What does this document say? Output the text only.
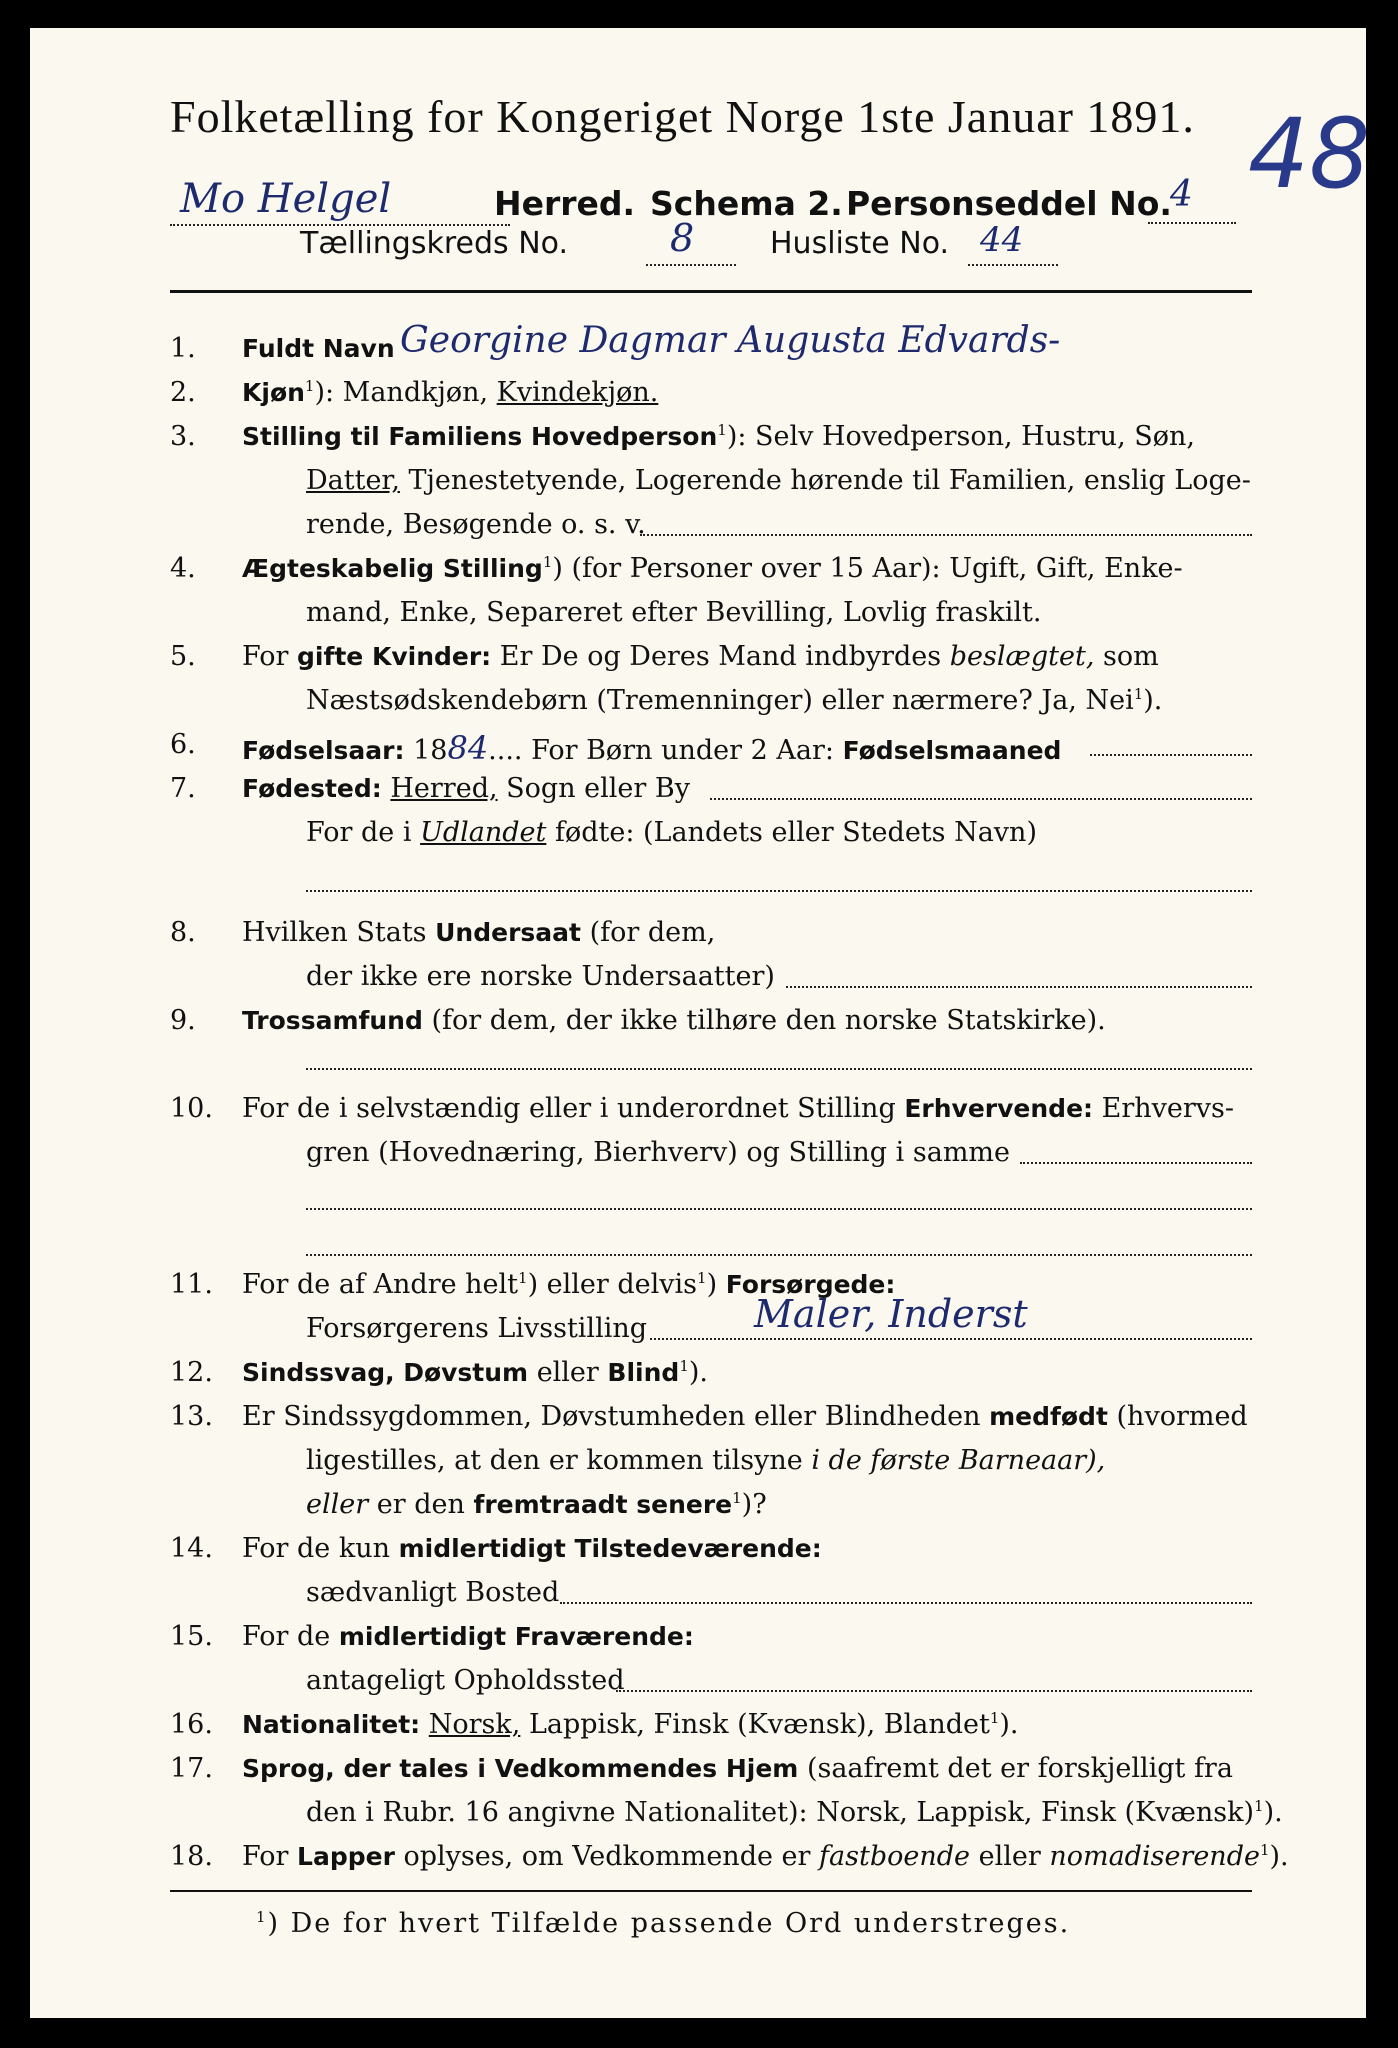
Folketælling for Kongeriget Norge 1ste Januar 1891. 48
Mo Helgel	Herred. Schema 2. Personseddel No.
4
Tællingskreds No.	8	Husliste No. 44
1.	Fuldt Navn Georgine Dagmar Augusta Edvards-
2.	Kjøn$^1$): Mandkjøn, Kvindekjøn.
3.	Stilling til Familiens Hovedperson$^1$): Selv Hovedperson, Hustru, Søn,
Datter, Tjenestetyende, Logerende hørende til Familien, enslig Loge-
rende, Besøgende o. s. v.
4.	Ægteskabelig Stilling$^1$) (for Personer over 15 Aar): Ugift, Gift, Enke-
mand, Enke, Separeret efter Bevilling, Lovlig fraskilt.
5.	For gifte Kvinder: Er De og Deres Mand indbyrdes beslægtet, som
Næstsødskendebørn (Tremenninger) eller nærmere? Ja, Nei$^1$).
6.	Fødselsaar: 1884.... For Børn under 2 Aar: Fødselsmaaned
7.	Fødested: Herred, Sogn eller By
For de i Udlandet fødte: (Landets eller Stedets Navn)
8.	Hvilken Stats Undersaat (for dem,
der ikke ere norske Undersaatter)
9.	Trossamfund (for dem, der ikke tilhøre den norske Statskirke).
10.	For de i selvstændig eller i underordnet Stilling Erhvervende: Erhvervs-
gren (Hovednæring, Bierhverv) og Stilling i samme
11.	For de af Andre helt$^1$) eller delvis$^1$) Forsørgede:
Forsørgerens Livsstilling	Maler, Inderst
12.	Sindssvag, Døvstum eller Blind$^1$).
13.	Er Sindssygdommen, Døvstumheden eller Blindheden medfødt (hvormed
ligestilles, at den er kommen tilsyne i de første Barneaar),
eller er den fremtraadt senere$^1$)?
14.	For de kun midlertidigt Tilstedeværende:
sædvanligt Bosted
15.	For de midlertidigt Fraværende:
antageligt Opholdssted
16.	Nationalitet: Norsk, Lappisk, Finsk (Kvænsk), Blandet$^1$).
17.	Sprog, der tales i Vedkommendes Hjem (saafremt det er forskjelligt fra
den i Rubr. 16 angivne Nationalitet): Norsk, Lappisk, Finsk (Kvænsk)$^1$).
18.	For Lapper oplyses, om Vedkommende er fastboende eller nomadiserende$^1$).
$^1$) De for hvert Tilfælde passende Ord understreges.
